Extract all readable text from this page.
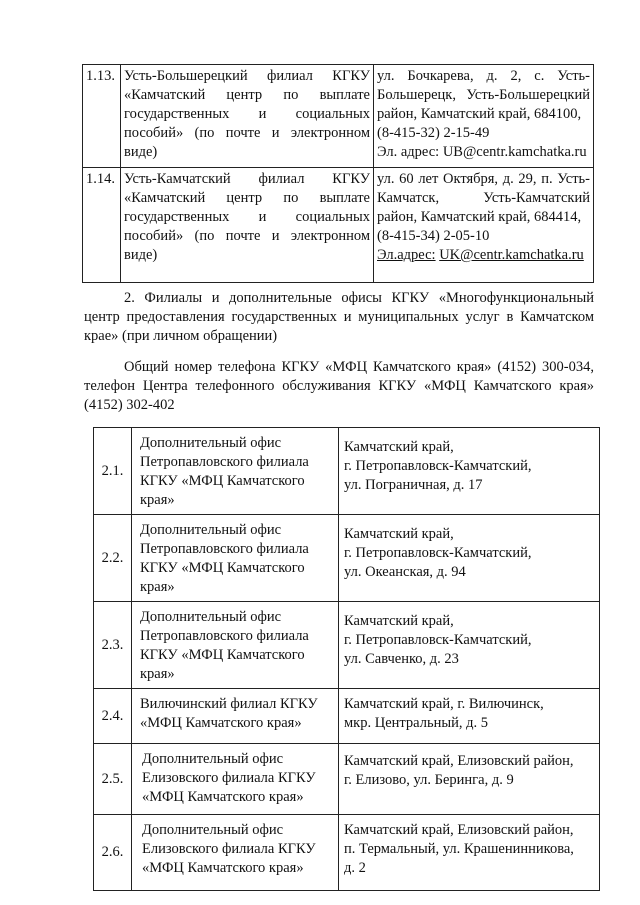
1.13.	Усть-Большерецкий филиал КГКУ «Камчатский центр по выплате государственных и социальных пособий» (по почте и электронном виде)	ул. Бочкарева, д. 2, с. Усть-Большерецк, Усть-Большерецкий район, Камчатский край, 684100,
(8-415-32) 2-15-49
Эл. адрес: UB@centr.kamchatka.ru
1.14.	Усть-Камчатский филиал КГКУ «Камчатский центр по выплате государственных и социальных пособий» (по почте и электронном виде)	ул. 60 лет Октября, д. 29, п. Усть-Камчатск, Усть-Камчатский район, Камчатский край, 684414,
(8-415-34) 2-05-10
Эл.адрес: UK@centr.kamchatka.ru
2. Филиалы и дополнительные офисы КГКУ «Многофункциональный центр предоставления государственных и муниципальных услуг в Камчатском крае» (при личном обращении)
Общий номер телефона КГКУ «МФЦ Камчатского края» (4152) 300-034, телефон Центра телефонного обслуживания КГКУ «МФЦ Камчатского края» (4152) 302-402
2.1.	Дополнительный офис
Петропавловского филиала
КГКУ «МФЦ Камчатского
края»	Камчатский край,
г. Петропавловск-Камчатский,
ул. Пограничная, д. 17

2.2.	Дополнительный офис
Петропавловского филиала
КГКУ «МФЦ Камчатского
края»	Камчатский край,
г. Петропавловск-Камчатский,
ул. Океанская, д. 94

2.3.	Дополнительный офис
Петропавловского филиала
КГКУ «МФЦ Камчатского
края»	Камчатский край,
г. Петропавловск-Камчатский,
ул. Савченко, д. 23

2.4.	Вилючинский филиал КГКУ
«МФЦ Камчатского края»	Камчатский край, г. Вилючинск,
мкр. Центральный, д. 5

2.5.	Дополнительный офис
Елизовского филиала КГКУ
«МФЦ Камчатского края»	Камчатский край, Елизовский район,
г. Елизово, ул. Беринга, д. 9

2.6.	Дополнительный офис
Елизовского филиала КГКУ
«МФЦ Камчатского края»	Камчатский край, Елизовский район,
п. Термальный, ул. Крашенинникова,
д. 2
